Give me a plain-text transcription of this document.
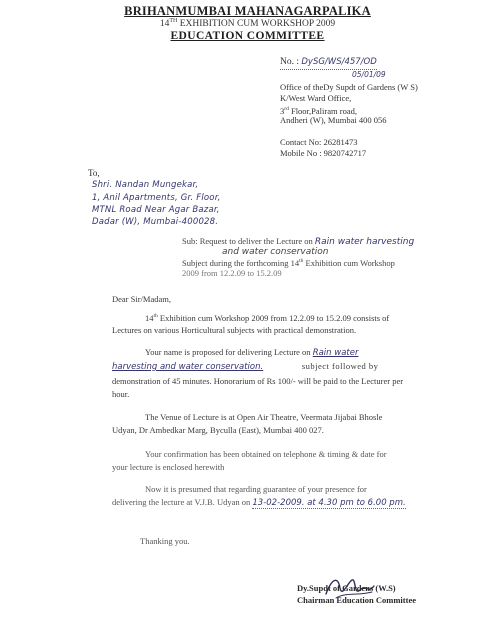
BRIHANMUMBAI MAHANAGARPALIKA
14TH EXHIBITION CUM WORKSHOP 2009
EDUCATION COMMITTEE
No. : DySG/WS/457/OD
05/01/09
Office of theDy Supdt of Gardens (W S)
K/West Ward Office,
3rd Floor,Paliram road,
Andheri (W), Mumbai 400 056
Contact No: 26281473
Mobile No : 9820742717
To,
Shri. Nandan Mungekar,
1, Anil Apartments, Gr. Floor,
MTNL Road Near Agar Bazar,
Dadar (W), Mumbai-400028.
Sub: Request to deliver the Lecture on Rain water harvesting
and water conservation
Subject during the forthcoming 14th Exhibition cum Workshop
2009 from 12.2.09 to 15.2.09
Dear Sir/Madam,
14th Exhibition cum Workshop 2009 from 12.2.09 to 15.2.09 consists of
Lectures on various Horticultural subjects with practical demonstration.
Your name is proposed for delivering Lecture on Rain water
harvesting and water conservation.	subject followed by
demonstration of 45 minutes. Honorarium of Rs 100/- will be paid to the Lecturer per
hour.
The Venue of Lecture is at Open Air Theatre, Veermata Jijabai Bhosle
Udyan, Dr Ambedkar Marg, Byculla (East), Mumbai 400 027.
Your confirmation has been obtained on telephone & timing & date for
your lecture is enclosed herewith
Now it is presumed that regarding guarantee of your presence for
delivering the lecture at V.J.B. Udyan on 13-02-2009. at 4.30 pm to 6.00 pm.
Thanking you.
Dy.Supdt of Gardens (W.S)
Chairman Education Committee
